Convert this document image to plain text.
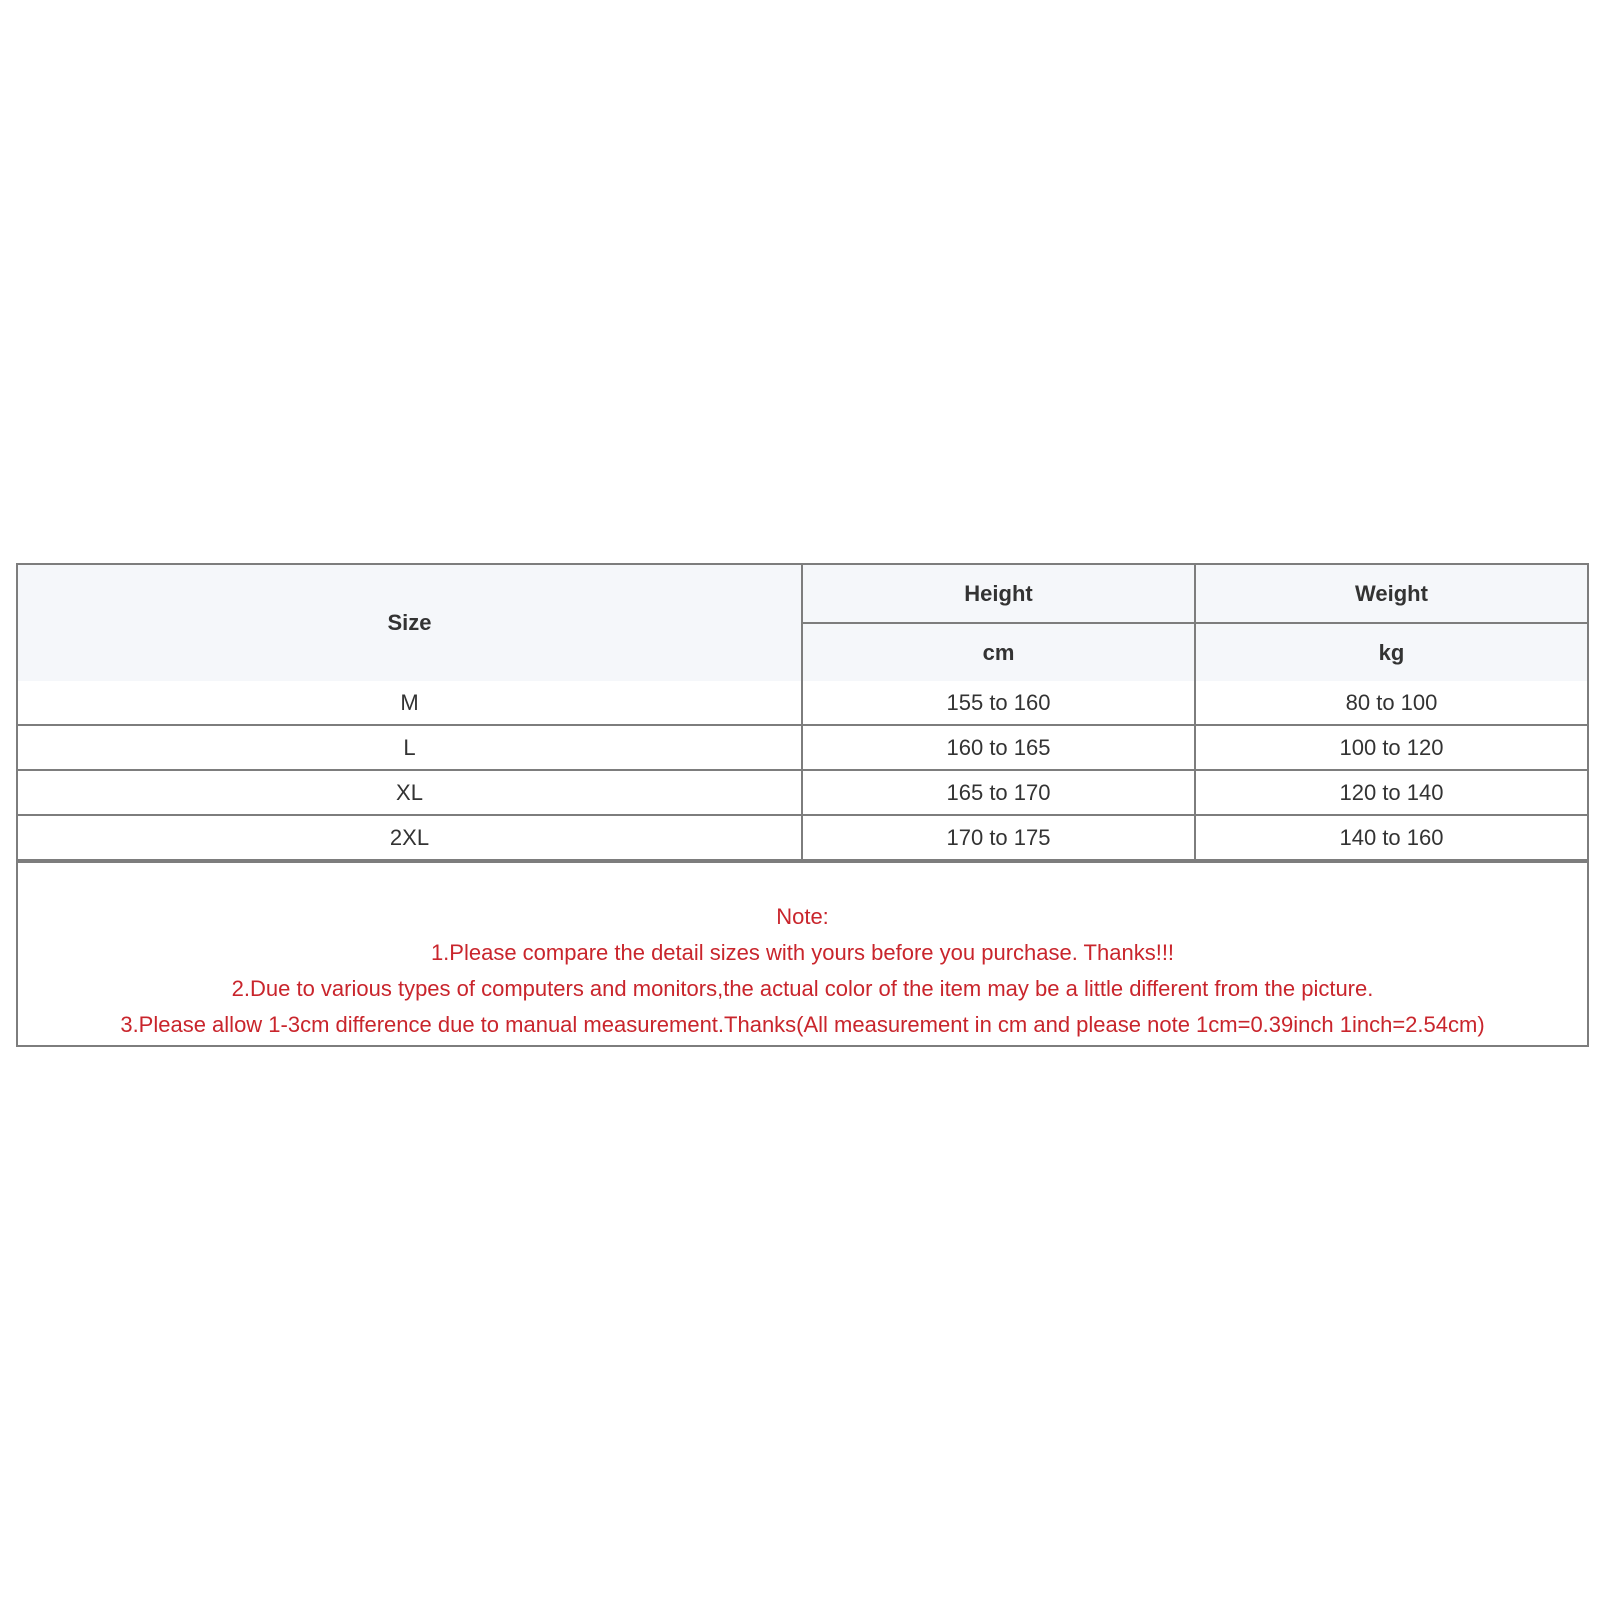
Size	Height	Weight
	cm	kg
M	155 to 160	80 to 100
L	160 to 165	100 to 120
XL	165 to 170	120 to 140
2XL	170 to 175	140 to 160
Note:
1.Please compare the detail sizes with yours before you purchase. Thanks!!!
2.Due to various types of computers and monitors,the actual color of the item may be a little different from the picture.
3.Please allow 1-3cm difference due to manual measurement.Thanks(All measurement in cm and please note 1cm=0.39inch 1inch=2.54cm)
